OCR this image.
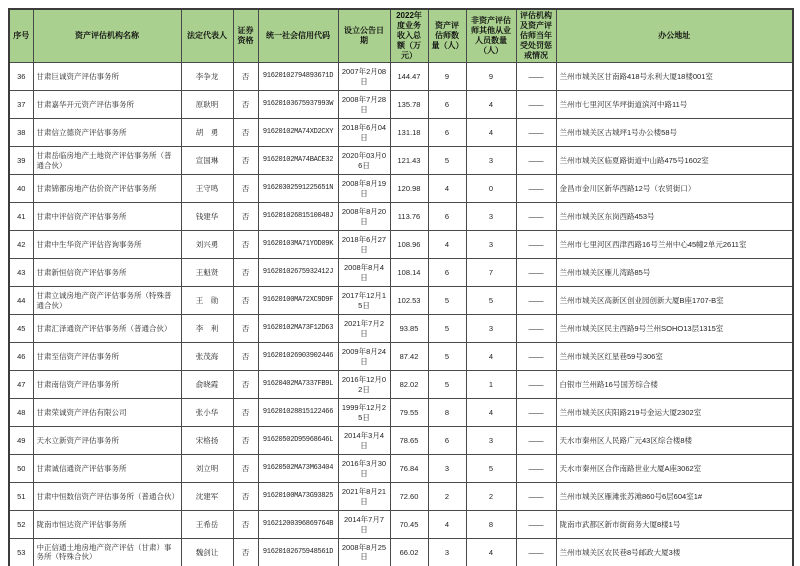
序号	资产评估机构名称	法定代表人	证券资格	统一社会信用代码	设立公告日期	2022年度业务收入总额（万元）	资产评估师数量（人）	非资产评估师其他从业人员数量（人）	评估机构及资产评估师当年受处罚惩戒情况	办公地址
36	甘肃巨诚资产评估事务所	李争龙	否	91620102794893671D	2007年2月08日	144.47	9	9	——	兰州市城关区甘南路418号永利大厦18楼001室
37	甘肃嘉华开元资产评估事务所	原耿明	否	91620103675937993W	2008年7月28日	135.78	6	4	——	兰州市七里河区华坪街道滨河中路11号
38	甘肃信立德资产评估事务所	胡　勇	否	91620102MA74XD2CXY	2018年6月04日	131.18	6	4	——	兰州市城关区古城坪1号办公楼58号
39	甘肃岳临房地产土地资产评估事务所（普通合伙）	宣国琳	否	91620102MA74BACE32	2020年03月06日	121.43	5	3	——	兰州市城关区临夏路街道中山路475号1602室
40	甘肃锦都房地产估价资产评估事务所	王守鸣	否	91620302591225651N	2008年8月19日	120.98	4	0	——	金昌市金川区新华西路12号（农贸街口）
41	甘肃中评信资产评估事务所	钱建华	否	91620102681510048J	2008年8月20日	113.76	6	3	——	兰州市城关区东岗西路453号
42	甘肃中生华资产评估咨询事务所	刘兴勇	否	91620103MA71YOD09K	2018年6月27日	108.96	4	3	——	兰州市七里河区西津西路16号兰州中心45幢2单元2611室
43	甘肃新恒信资产评估事务所	王魁贤	否	91620102675932412J	2008年8月4日	108.14	6	7	——	兰州市城关区雁儿湾路85号
44	甘肃立诚房地产资产评估事务所（特殊普通合伙）	王　勋	否	91620100MA72XC9D9F	2017年12月15日	102.53	5	5	——	兰州市城关区高新区创业园创新大厦B座1707-B室
45	甘肃汇泽通资产评估事务所（普通合伙）	李　利	否	91620102MA73F12D63	2021年7月2日	93.85	5	3	——	兰州市城关区民主西路9号兰州SOHO13层1315室
46	甘肃至信资产评估事务所	张茂海	否	916201026903902446	2009年8月24日	87.42	5	4	——	兰州市城关区红星巷59号306室
47	甘肃南信资产评估事务所	俞晓霞	否	91620402MA7337FB9L	2016年12月02日	82.02	5	1	——	白银市兰州路16号国芳综合楼
48	甘肃荣诚资产评估有限公司	张小华	否	916201028815122466	1999年12月25日	79.55	8	4	——	兰州市城关区庆阳路219号金运大厦2302室
49	天水立新资产评估事务所	宋格扬	否	91620502D95968646L	2014年3月4日	78.65	6	3	——	天水市秦州区人民路广元43区综合楼8楼
50	甘肃诚信通资产评估事务所	刘立明	否	91620502MA73M63404	2016年3月30日	76.84	3	5	——	天水市秦州区合作南路世业大厦A座3062室
51	甘肃中恒数信资产评估事务所（普通合伙）	沈建军	否	91620100MA73G93825	2021年8月21日	72.60	2	2	——	兰州市城关区雁滩张苏滩860号6层604室1#
52	陇南市恒达资产评估事务所	王希岳	否	91621200396869764B	2014年7月7日	70.45	4	8	——	陇南市武都区新市街商务大厦8楼1号
53	中正信通土地房地产资产评估（甘肃）事务所（特殊合伙）	魏剑让	否	91620102675948561D	2008年8月25日	66.02	3	4	——	兰州市城关区农民巷8号邮政大厦3楼
